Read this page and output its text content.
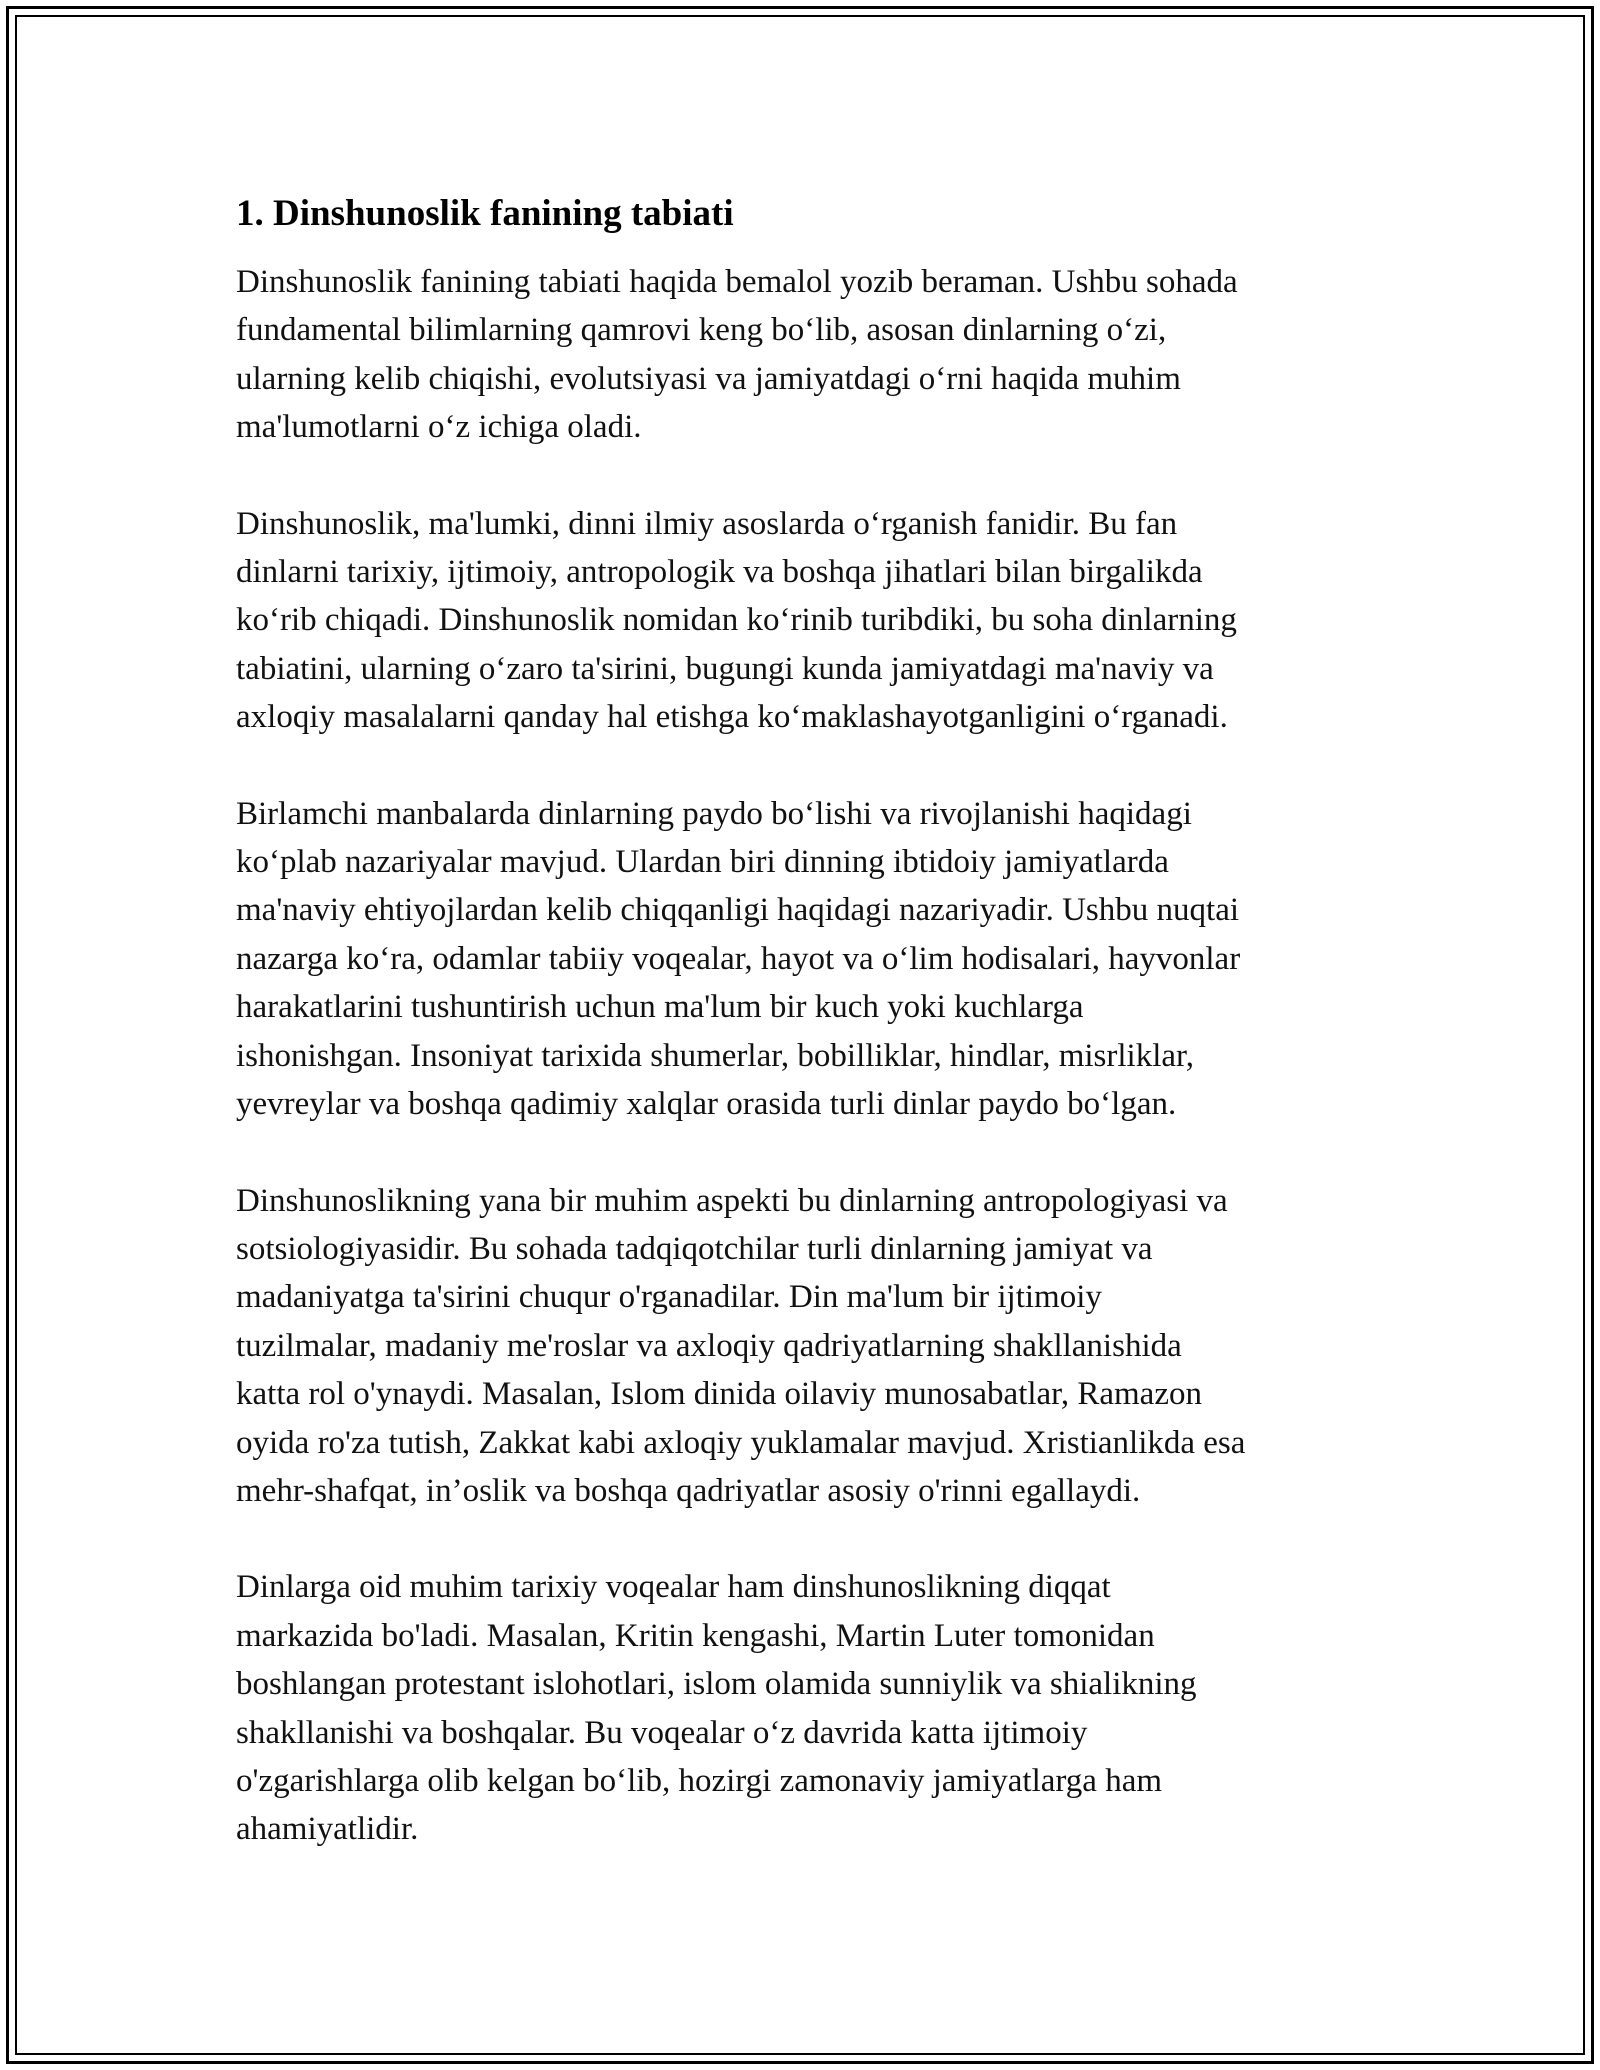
1. Dinshunoslik fanining tabiati

Dinshunoslik fanining tabiati haqida bemalol yozib beraman. Ushbu sohada
fundamental bilimlarning qamrovi keng bo‘lib, asosan dinlarning o‘zi,
ularning kelib chiqishi, evolutsiyasi va jamiyatdagi o‘rni haqida muhim
ma'lumotlarni o‘z ichiga oladi.

Dinshunoslik, ma'lumki, dinni ilmiy asoslarda o‘rganish fanidir. Bu fan
dinlarni tarixiy, ijtimoiy, antropologik va boshqa jihatlari bilan birgalikda
ko‘rib chiqadi. Dinshunoslik nomidan ko‘rinib turibdiki, bu soha dinlarning
tabiatini, ularning o‘zaro ta'sirini, bugungi kunda jamiyatdagi ma'naviy va
axloqiy masalalarni qanday hal etishga ko‘maklashayotganligini o‘rganadi.

Birlamchi manbalarda dinlarning paydo bo‘lishi va rivojlanishi haqidagi
ko‘plab nazariyalar mavjud. Ulardan biri dinning ibtidoiy jamiyatlarda
ma'naviy ehtiyojlardan kelib chiqqanligi haqidagi nazariyadir. Ushbu nuqtai
nazarga ko‘ra, odamlar tabiiy voqealar, hayot va o‘lim hodisalari, hayvonlar
harakatlarini tushuntirish uchun ma'lum bir kuch yoki kuchlarga
ishonishgan. Insoniyat tarixida shumerlar, bobilliklar, hindlar, misrliklar,
yevreylar va boshqa qadimiy xalqlar orasida turli dinlar paydo bo‘lgan.

Dinshunoslikning yana bir muhim aspekti bu dinlarning antropologiyasi va
sotsiologiyasidir. Bu sohada tadqiqotchilar turli dinlarning jamiyat va
madaniyatga ta'sirini chuqur o'rganadilar. Din ma'lum bir ijtimoiy
tuzilmalar, madaniy me'roslar va axloqiy qadriyatlarning shakllanishida
katta rol o'ynaydi. Masalan, Islom dinida oilaviy munosabatlar, Ramazon
oyida ro'za tutish, Zakkat kabi axloqiy yuklamalar mavjud. Xristianlikda esa
mehr-shafqat, in’oslik va boshqa qadriyatlar asosiy o'rinni egallaydi.

Dinlarga oid muhim tarixiy voqealar ham dinshunoslikning diqqat
markazida bo'ladi. Masalan, Kritin kengashi, Martin Luter tomonidan
boshlangan protestant islohotlari, islom olamida sunniylik va shialikning
shakllanishi va boshqalar. Bu voqealar o‘z davrida katta ijtimoiy
o'zgarishlarga olib kelgan bo‘lib, hozirgi zamonaviy jamiyatlarga ham
ahamiyatlidir.
